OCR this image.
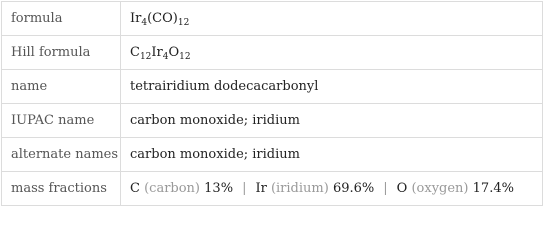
formula	$Ir_4(CO)_{12}$
Hill formula	$C_{12}Ir_4O_{12}$
name	tetrairidium dodecacarbonyl
IUPAC name	carbon monoxide; iridium
alternate names	carbon monoxide; iridium
mass fractions	C (carbon) 13% | Ir (iridium) 69.6% | O (oxygen) 17.4%
